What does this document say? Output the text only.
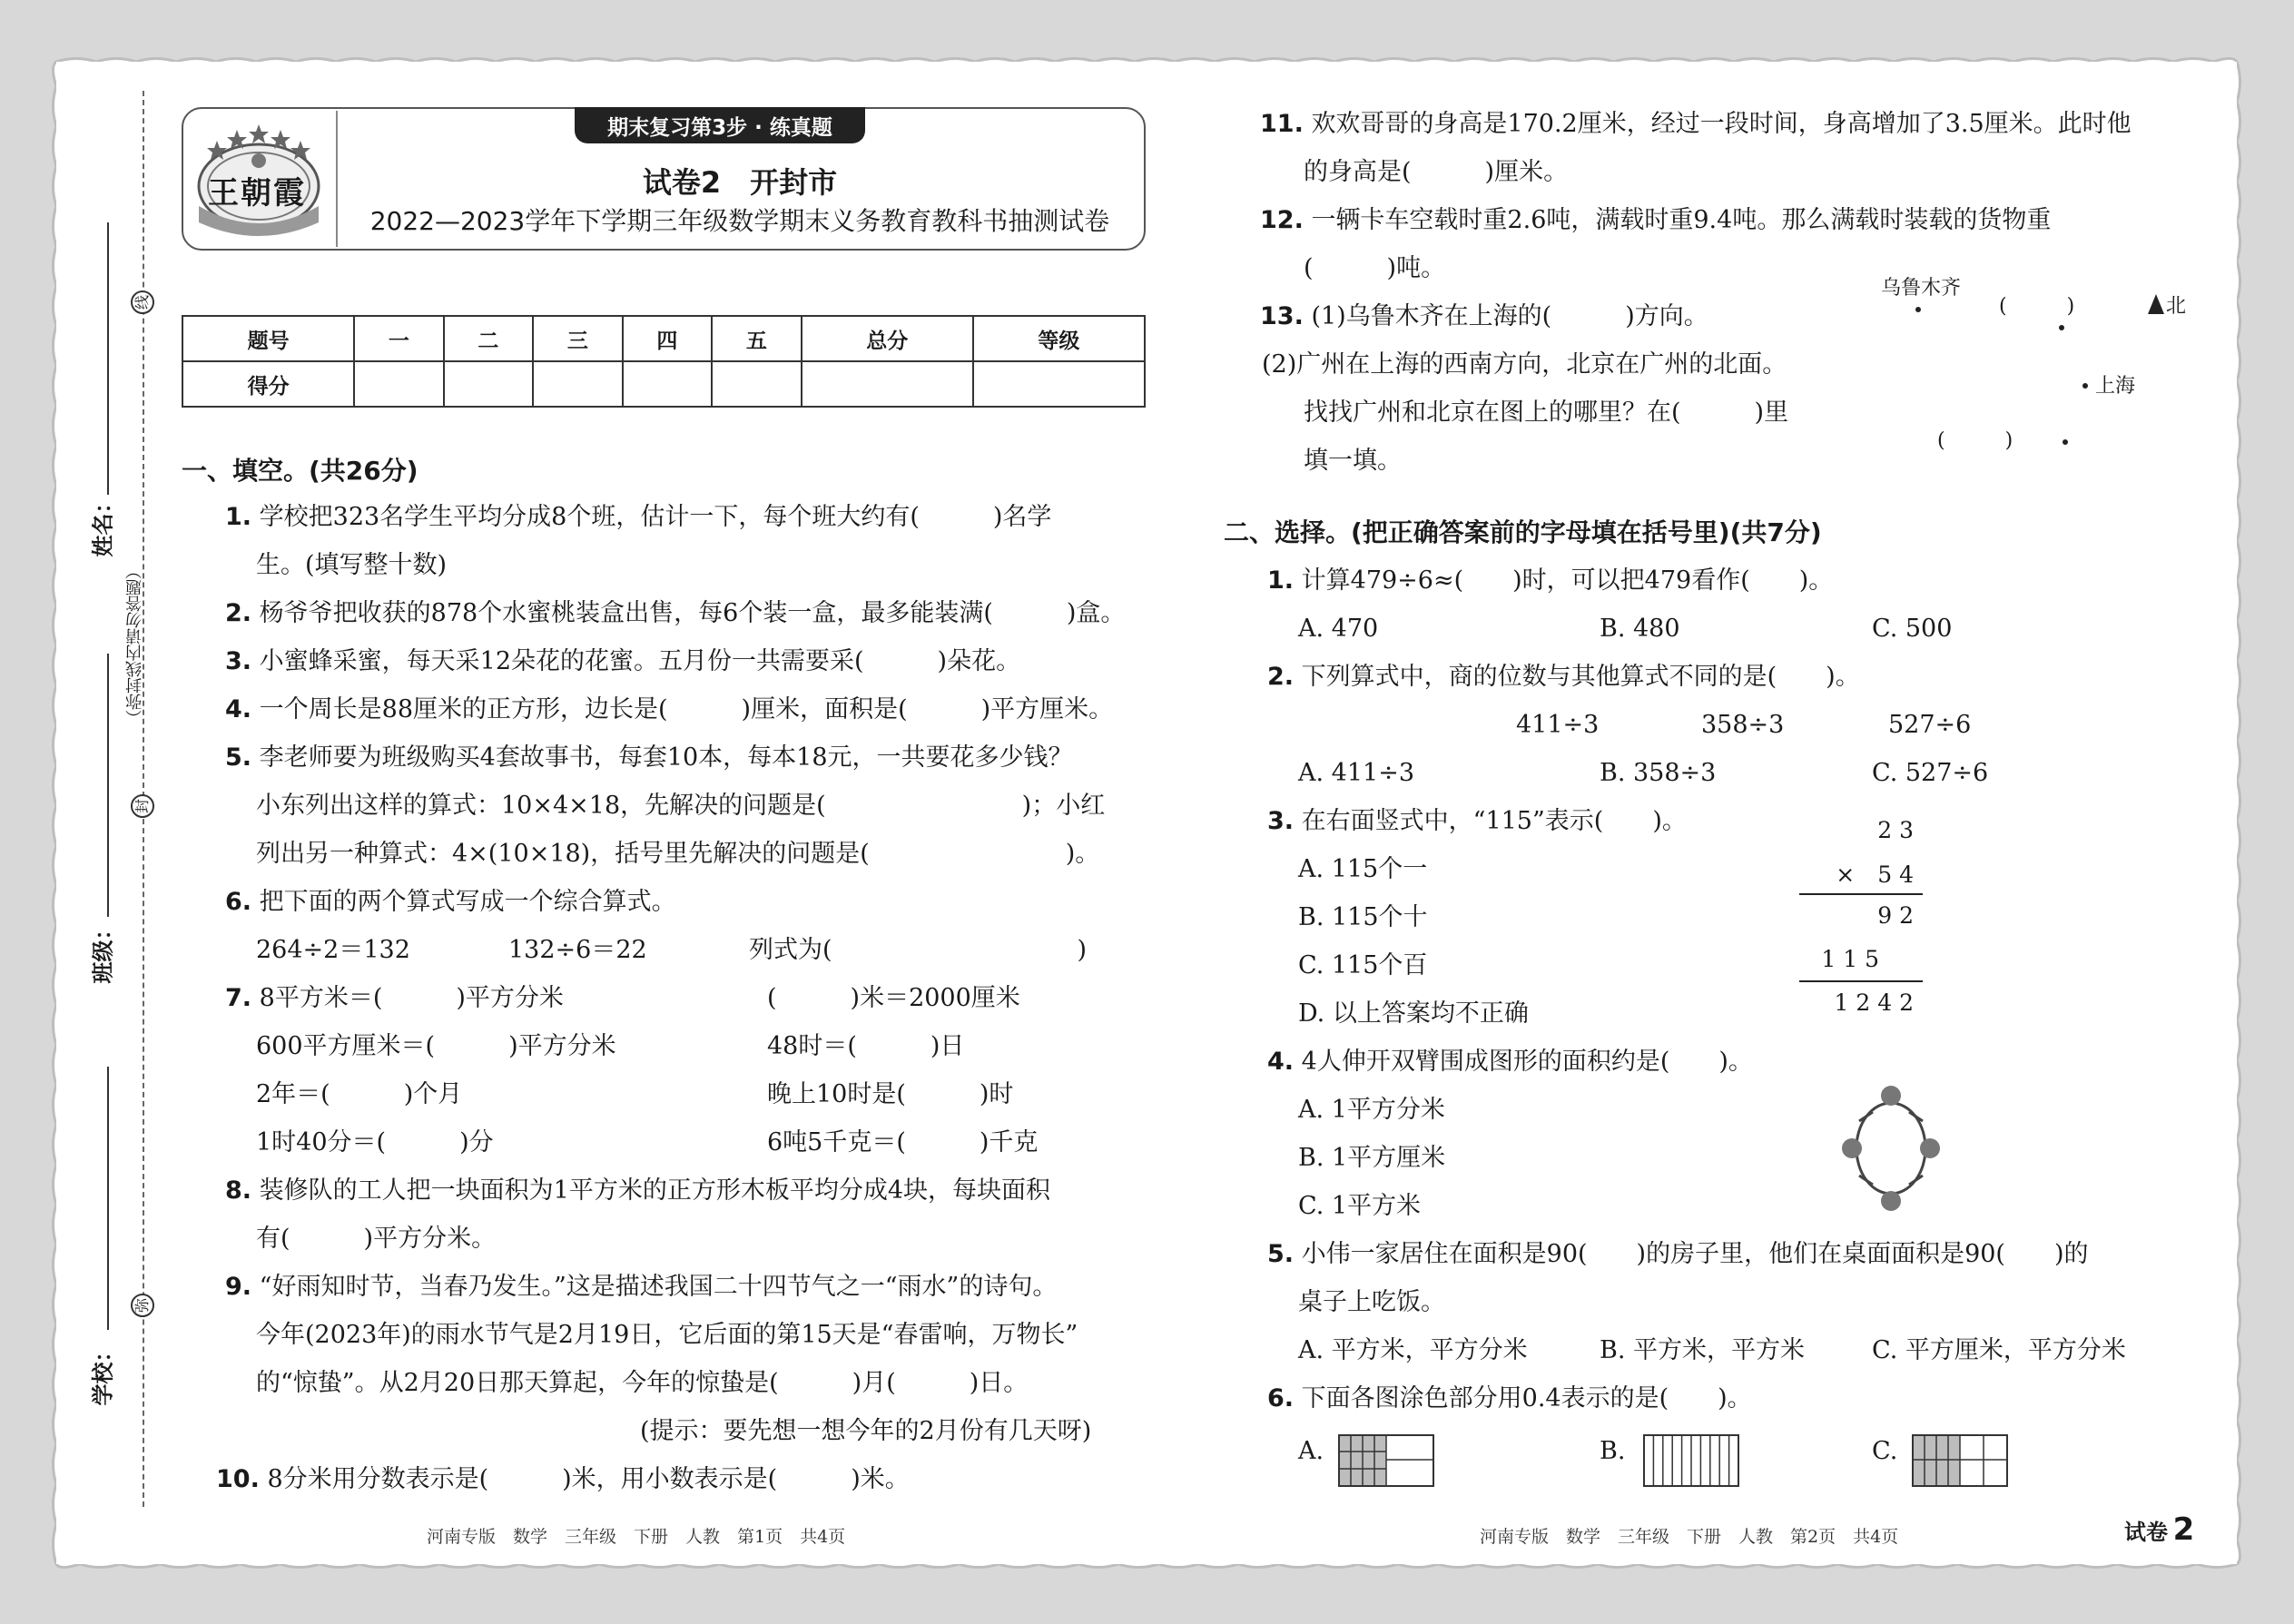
线
封
弥
（弥封线内请勿答题）
姓名：
班级：
学校：
王朝霞
期末复习第3步 · 练真题
试卷2　开封市
2022—2023学年下学期三年级数学期末义务教育教科书抽测试卷
题号	一	二	三	四	五	总分	等级
得分							
一、填空。(共26分)
1. 学校把323名学生平均分成8个班，估计一下，每个班大约有(　　　)名学
生。(填写整十数)
2. 杨爷爷把收获的878个水蜜桃装盒出售，每6个装一盒，最多能装满(　　　)盒。
3. 小蜜蜂采蜜，每天采12朵花的花蜜。五月份一共需要采(　　　)朵花。
4. 一个周长是88厘米的正方形，边长是(　　　)厘米，面积是(　　　)平方厘米。
5. 李老师要为班级购买4套故事书，每套10本，每本18元，一共要花多少钱？
小东列出这样的算式：10×4×18，先解决的问题是(　　　　　　　　)；小红
列出另一种算式：4×(10×18)，括号里先解决的问题是(　　　　　　　　)。
6. 把下面的两个算式写成一个综合算式。
264÷2＝132	132÷6＝22	列式为(　　　　　　　　　　)
7. 8平方米＝(　　　)平方分米	(　　　)米＝2000厘米
600平方厘米＝(　　　)平方分米	48时＝(　　　)日
2年＝(　　　)个月	晚上10时是(　　　)时
1时40分＝(　　　)分	6吨5千克＝(　　　)千克
8. 装修队的工人把一块面积为1平方米的正方形木板平均分成4块，每块面积
有(　　　)平方分米。
9. “好雨知时节，当春乃发生。”这是描述我国二十四节气之一“雨水”的诗句。
今年(2023年)的雨水节气是2月19日，它后面的第15天是“春雷响，万物长”
的“惊蛰”。从2月20日那天算起，今年的惊蛰是(　　　)月(　　　)日。
(提示：要先想一想今年的2月份有几天呀)
10. 8分米用分数表示是(　　　)米，用小数表示是(　　　)米。
11. 欢欢哥哥的身高是170.2厘米，经过一段时间，身高增加了3.5厘米。此时他
的身高是(　　　)厘米。
12. 一辆卡车空载时重2.6吨，满载时重9.4吨。那么满载时装载的货物重
(　　　)吨。
13. (1)乌鲁木齐在上海的(　　　)方向。
(2)广州在上海的西南方向，北京在广州的北面。
找找广州和北京在图上的哪里？在(　　　)里
填一填。
乌鲁木齐
(　　　)	北
上海
(　　　)
二、选择。(把正确答案前的字母填在括号里)(共7分)
1. 计算479÷6≈(　　)时，可以把479看作(　　)。
A. 470	B. 480	C. 500
2. 下列算式中，商的位数与其他算式不同的是(　　)。
411÷3	358÷3	527÷6
A. 411÷3	B. 358÷3	C. 527÷6
3. 在右面竖式中，“115”表示(　　)。
A. 115个一
B. 115个十
C. 115个百
D. 以上答案均不正确
2 3
×　5 4
9 2
1 1 5
1 2 4 2
4. 4人伸开双臂围成图形的面积约是(　　)。
A. 1平方分米
B. 1平方厘米
C. 1平方米
5. 小伟一家居住在面积是90(　　)的房子里，他们在桌面面积是90(　　)的
桌子上吃饭。
A. 平方米，平方分米	B. 平方米，平方米	C. 平方厘米，平方分米
6. 下面各图涂色部分用0.4表示的是(　　)。
A.	B.	C.
河南专版　数学　三年级　下册　人教　第1页　共4页	河南专版　数学　三年级　下册　人教　第2页　共4页	试卷 2
